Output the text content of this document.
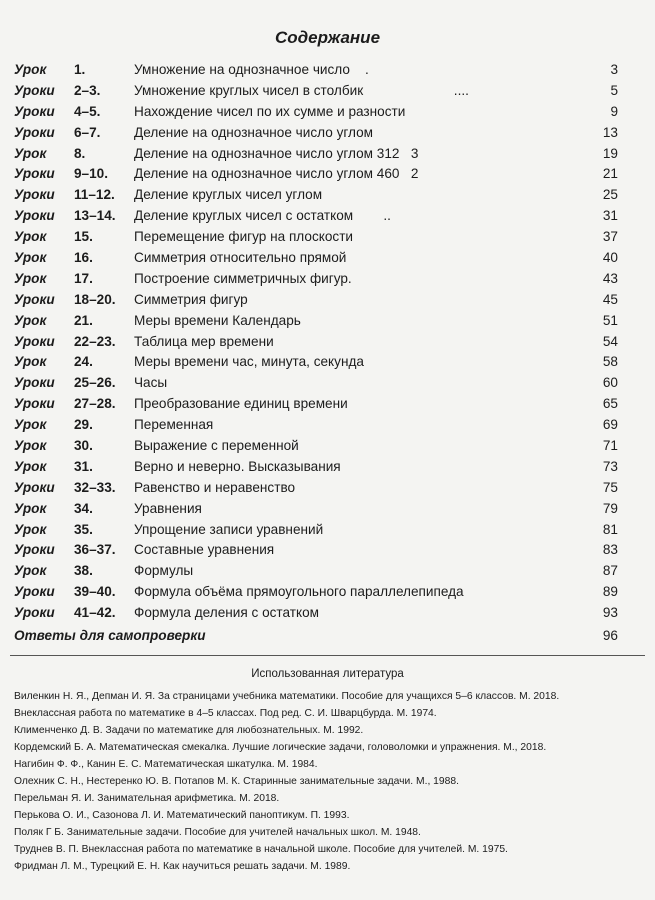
Содержание
Урок 1.	Умножение на однозначное число    .	3
Уроки 2–3. Умножение круглых чисел в столбик                        ....	5
Уроки 4–5. Нахождение чисел по их сумме и разности	9
Уроки 6–7. Деление на однозначное число углом	13
Урок 8.	Деление на однозначное число углом 312   3	19
Уроки 9–10. Деление на однозначное число углом 460   2	21
Уроки 11–12. Деление круглых чисел углом	25
Уроки 13–14. Деление круглых чисел с остатком        ..	31
Урок 15.	Перемещение фигур на плоскости	37
Урок 16.	Симметрия относительно прямой	40
Урок 17.	Построение симметричных фигур.	43
Уроки 18–20. Симметрия фигур	45
Урок 21.	Меры времени Календарь	51
Уроки 22–23. Таблица мер времени	54
Урок 24.	Меры времени час, минута, секунда	58
Уроки 25–26. Часы	60
Уроки 27–28. Преобразование единиц времени	65
Урок 29.	Переменная	69
Урок 30.	Выражение с переменной	71
Урок 31.	Верно и неверно. Высказывания	73
Уроки 32–33. Равенство и неравенство	75
Урок 34.	Уравнения	79
Урок 35.	Упрощение записи уравнений	81
Уроки 36–37. Составные уравнения	83
Урок 38.	Формулы	87
Уроки 39–40. Формула объёма прямоугольного параллелепипеда	89
Уроки 41–42. Формула деления с остатком	93
Ответы для самопроверки	96
Использованная литература
Виленкин Н. Я., Депман И. Я. За страницами учебника математики. Пособие для учащихся 5–6 классов. М. 2018.
Внеклассная работа по математике в 4–5 классах. Под ред. С. И. Шварцбурда. М. 1974.
Клименченко Д. В. Задачи по математике для любознательных. М. 1992.
Кордемский Б. А. Математическая смекалка. Лучшие логические задачи, головоломки и упражнения. М., 2018.
Нагибин Ф. Ф., Канин Е. С. Математическая шкатулка. М. 1984.
Олехник С. Н., Нестеренко Ю. В. Потапов М. К. Старинные занимательные задачи. М., 1988.
Перельман Я. И. Занимательная арифметика. М. 2018.
Перькова О. И., Сазонова Л. И. Математический паноптикум. П. 1993.
Поляк Г Б. Занимательные задачи. Пособие для учителей начальных школ. М. 1948.
Труднев В. П. Внеклассная работа по математике в начальной школе. Пособие для учителей. М. 1975.
Фридман Л. М., Турецкий Е. Н. Как научиться решать задачи. М. 1989.
